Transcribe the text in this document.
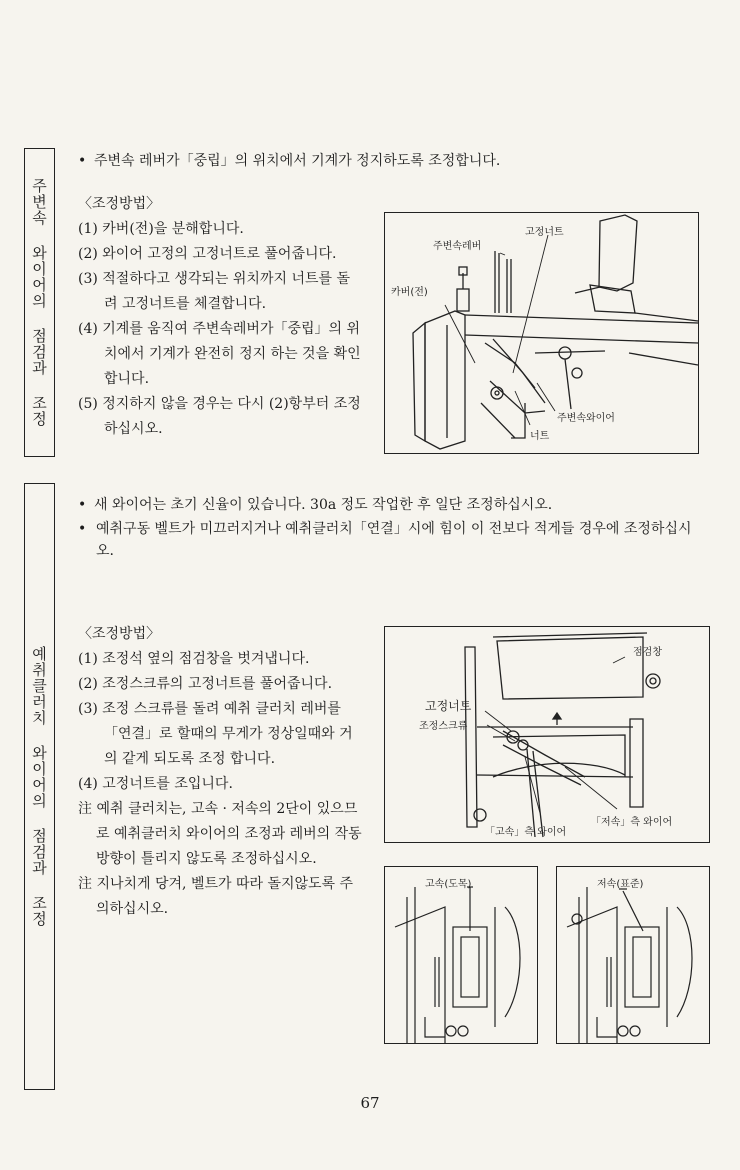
주변속 와이어의 점검과 조정
• 주변속 레버가「중립」의 위치에서 기계가 정지하도록 조정합니다.
〈조정방법〉
(1) 카버(전)을 분해합니다.
(2) 와이어 고정의 고정너트로 풀어줍니다.
(3) 적절하다고 생각되는 위치까지 너트를 돌려 고정너트를 체결합니다.
(4) 기계를 움직여 주변속레버가「중립」의 위치에서 기계가 완전히 정지 하는 것을 확인합니다.
(5) 정지하지 않을 경우는 다시 (2)항부터 조정하십시오.
고정너트
주변속레버
카버(전)
주변속와이어
너트
예취클러치 와이어의 점검과 조정
• 새 와이어는 초기 신율이 있습니다. 30a 정도 작업한 후 일단 조정하십시오.
• 예취구동 벨트가 미끄러지거나 예취클러치「연결」시에 힘이 이 전보다 적게들 경우에 조정하십시오.
〈조정방법〉
(1) 조정석 옆의 점검창을 벗겨냅니다.
(2) 조정스크류의 고정너트를 풀어줍니다.
(3) 조정 스크류를 돌려 예취 클러치 레버를「연결」로 할때의 무게가 정상일때와 거의 같게 되도록 조정 합니다.
(4) 고정너트를 조입니다.
注 예취 클러치는, 고속 · 저속의 2단이 있으므로 예취클러치 와이어의 조정과 레버의 작동방향이 틀리지 않도록 조정하십시오.
注 지나치게 당겨, 벨트가 따라 돌지않도록 주의하십시오.
점검창
고정너트
조정스크류
「고속」측 와이어
「저속」측 와이어
고속(도목)	저속(표준)
67
